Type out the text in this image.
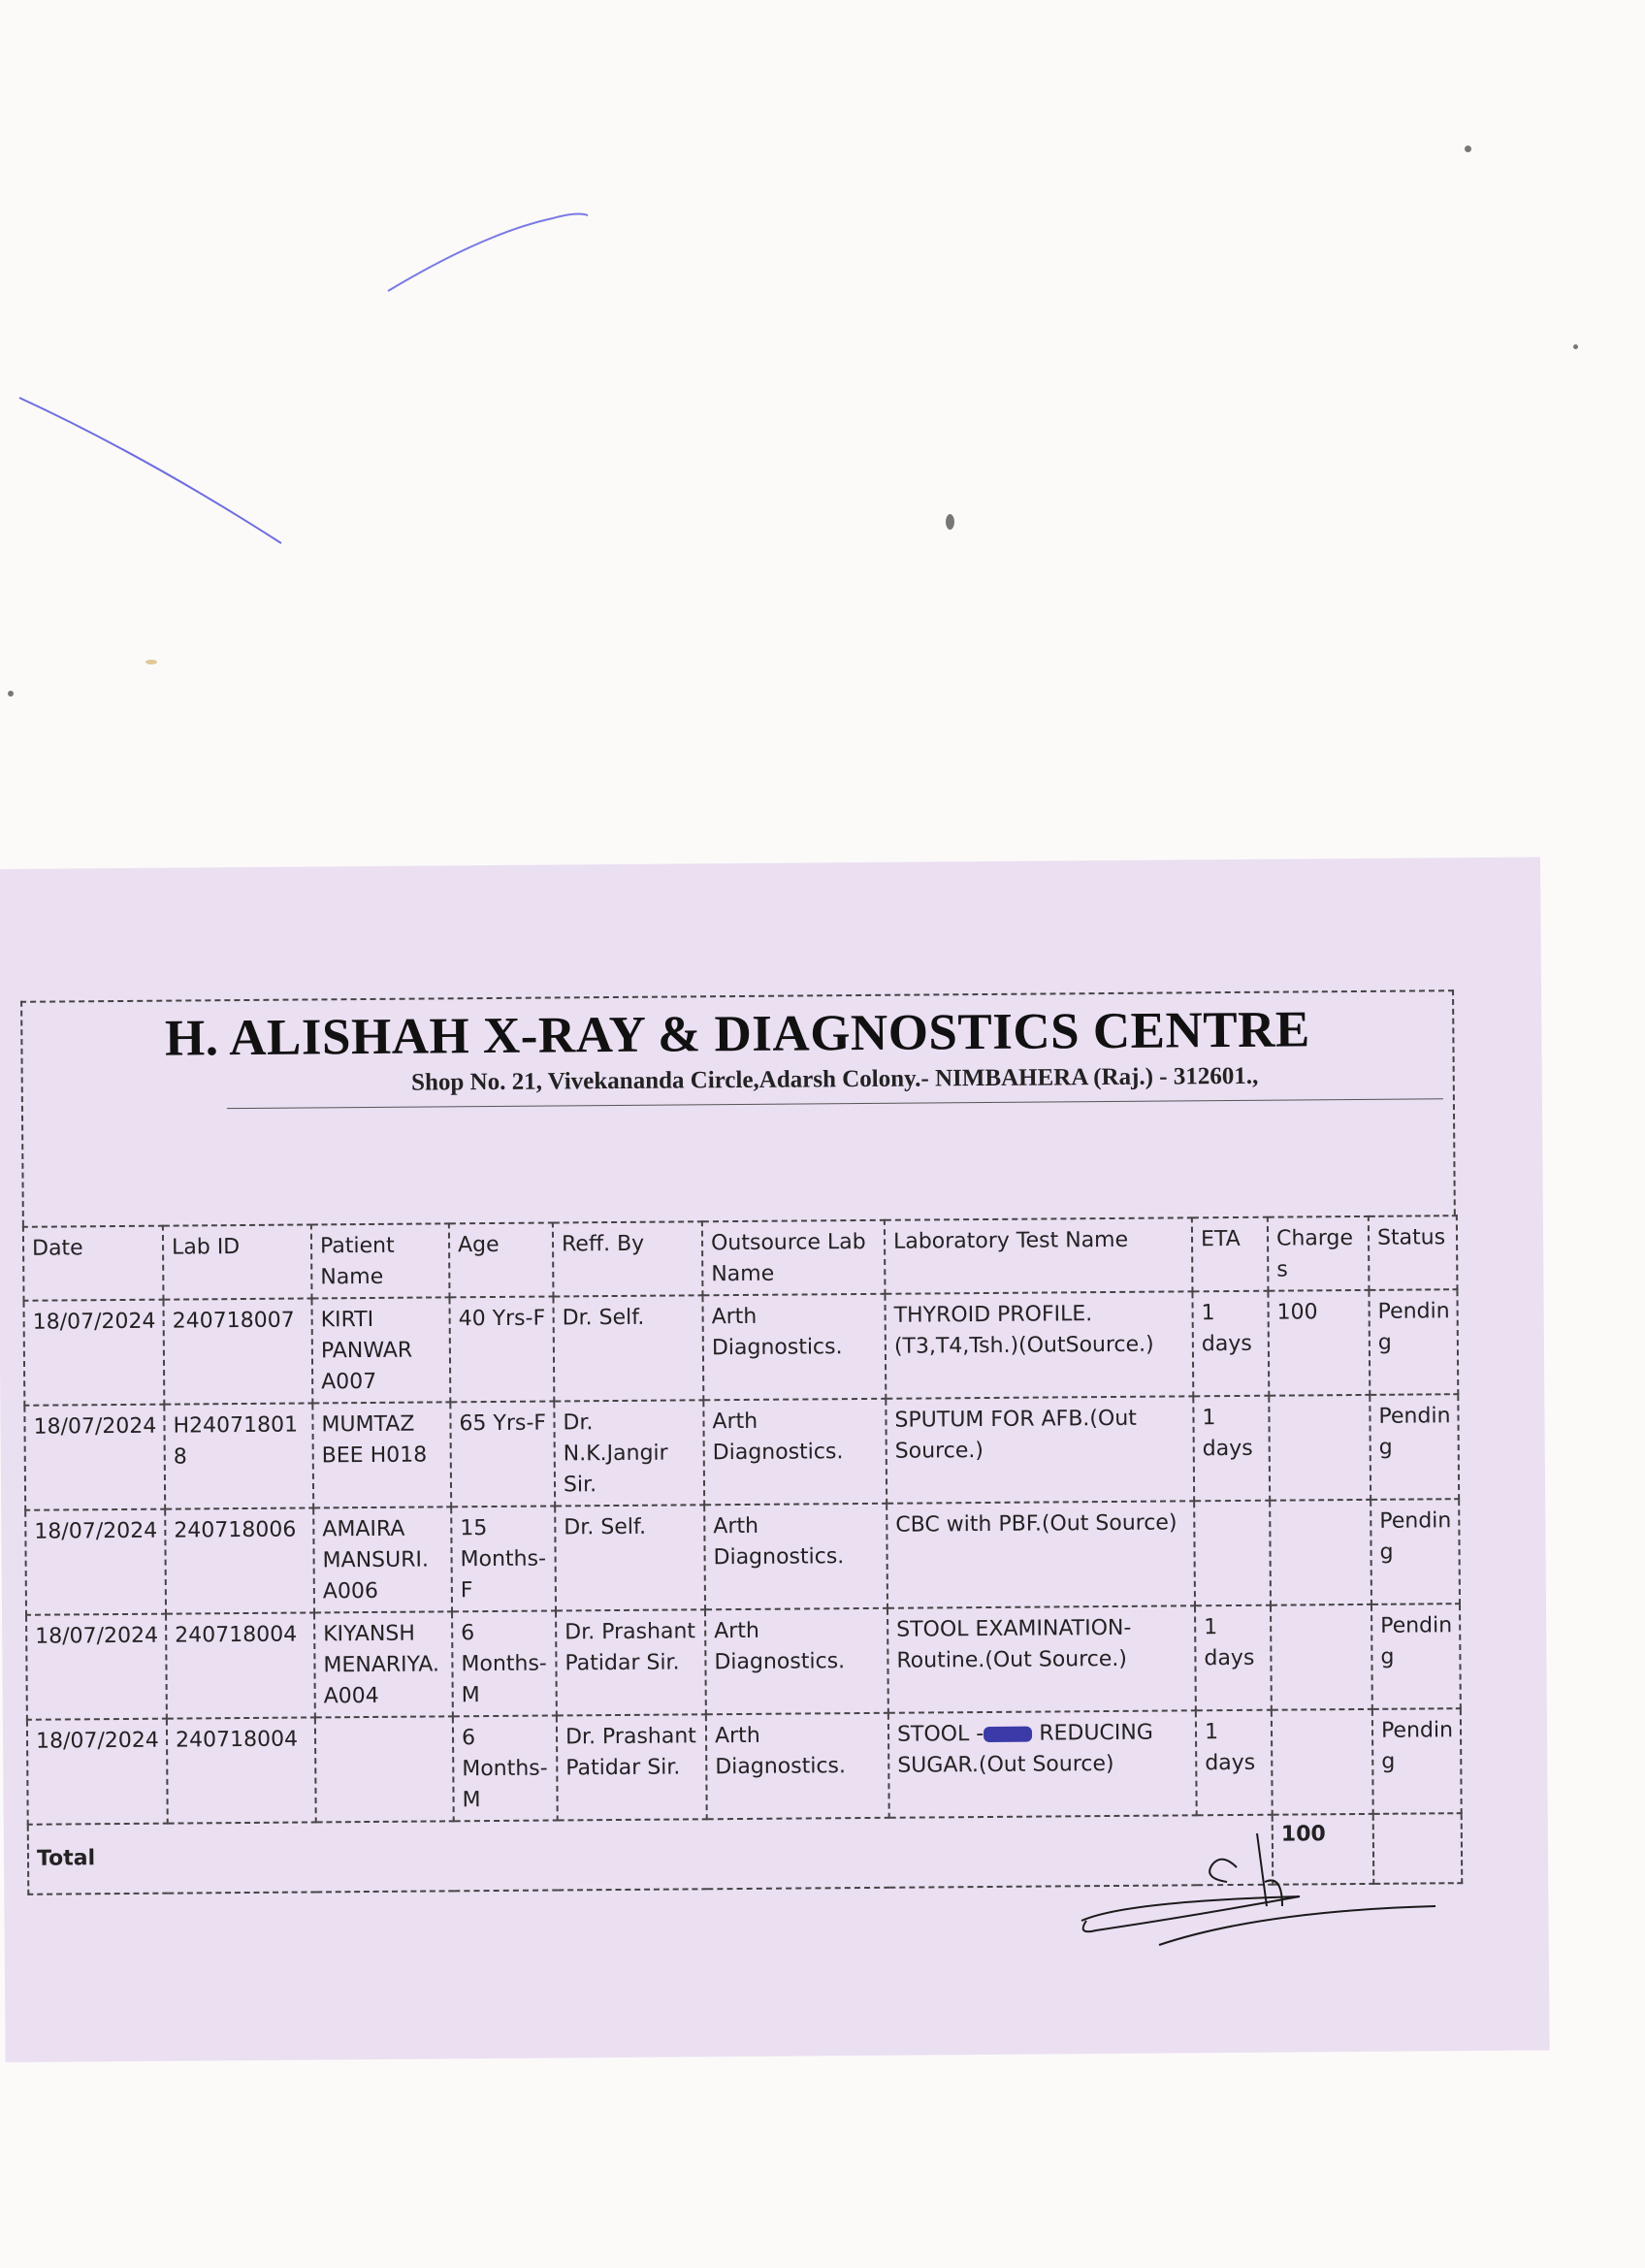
H. ALISHAH X-RAY & DIAGNOSTICS CENTRE
Shop No. 21, Vivekananda Circle,Adarsh Colony.- NIMBAHERA (Raj.) - 312601.,
Date	Lab ID	Patient Name	Age	Reff. By	Outsource Lab Name	Laboratory Test Name	ETA	Charges	Status
18/07/2024	240718007	KIRTI PANWAR A007	40 Yrs-F	Dr. Self.	Arth Diagnostics.	THYROID PROFILE.(T3,T4,Tsh.)(OutSource.)	1 days	100	Pending
18/07/2024	H240718018	MUMTAZ BEE H018	65 Yrs-F	Dr. N.K.Jangir Sir.	Arth Diagnostics.	SPUTUM FOR AFB.(Out Source.)	1 days		Pending
18/07/2024	240718006	AMAIRA MANSURI. A006	15 Months-F	Dr. Self.	Arth Diagnostics.	CBC with PBF.(Out Source)			Pending
18/07/2024	240718004	KIYANSH MENARIYA. A004	6 Months-M	Dr. Prashant Patidar Sir.	Arth Diagnostics.	STOOL EXAMINATION-Routine.(Out Source.)	1 days		Pending
18/07/2024	240718004		6 Months-M	Dr. Prashant Patidar Sir.	Arth Diagnostics.	STOOL - REDUCING SUGAR.(Out Source)	1 days		Pending
Total								100	
